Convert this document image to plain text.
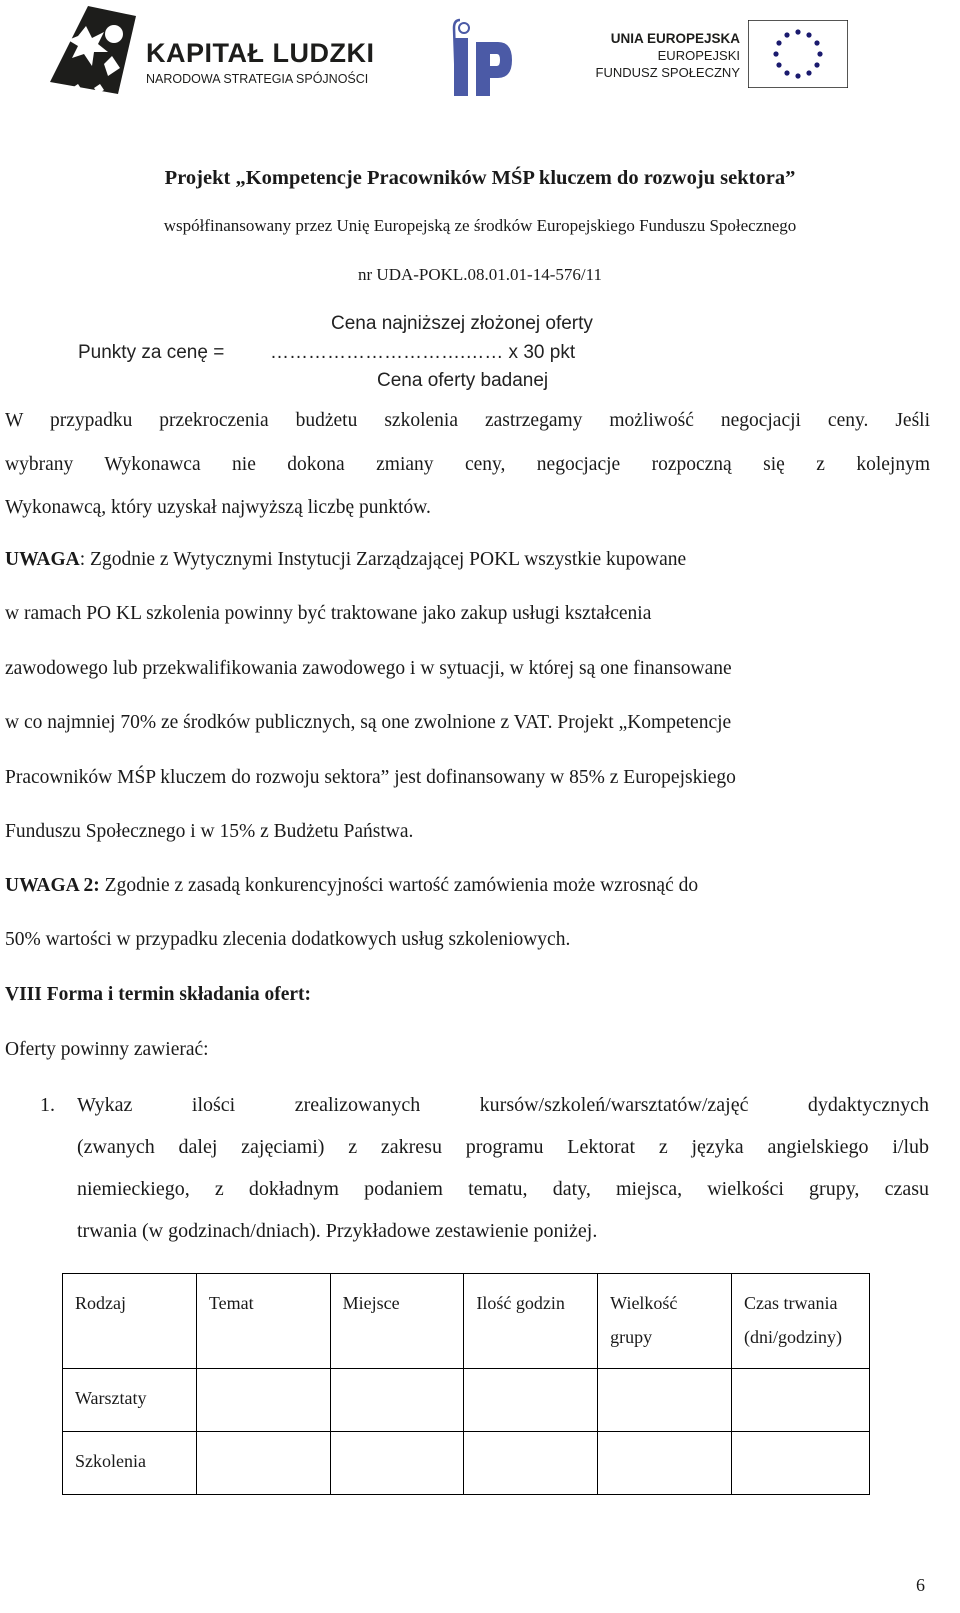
KAPITAŁ LUDZKI
NARODOWA STRATEGIA SPÓJNOŚCI
UNIA EUROPEJSKA
EUROPEJSKI
FUNDUSZ SPOŁECZNY
Projekt „Kompetencje Pracowników MŚP kluczem do rozwoju sektora”
współfinansowany przez Unię Europejską ze środków Europejskiego Funduszu Społecznego
nr UDA-POKL.08.01.01-14-576/11
Cena najniższej złożonej oferty
Punkty za cenę = ………………………….…… x 30 pkt
Cena oferty badanej
W przypadku przekroczenia budżetu szkolenia zastrzegamy możliwość negocjacji ceny. Jeśli
wybrany Wykonawca nie dokona zmiany ceny, negocjacje rozpoczną się z kolejnym
Wykonawcą, który uzyskał najwyższą liczbę punktów.
UWAGA: Zgodnie z Wytycznymi Instytucji Zarządzającej POKL wszystkie kupowane
w ramach PO KL szkolenia powinny być traktowane jako zakup usługi kształcenia
zawodowego lub przekwalifikowania zawodowego i w sytuacji, w której są one finansowane
w co najmniej 70% ze środków publicznych, są one zwolnione z VAT. Projekt „Kompetencje
Pracowników MŚP kluczem do rozwoju sektora” jest dofinansowany w 85% z Europejskiego
Funduszu Społecznego i w 15% z Budżetu Państwa.
UWAGA 2: Zgodnie z zasadą konkurencyjności wartość zamówienia może wzrosnąć do
50% wartości w przypadku zlecenia dodatkowych usług szkoleniowych.
VIII Forma i termin składania ofert:
Oferty powinny zawierać:
1. Wykaz ilości zrealizowanych kursów/szkoleń/warsztatów/zajęć dydaktycznych
(zwanych dalej zajęciami) z zakresu programu Lektorat z języka angielskiego i/lub
niemieckiego, z dokładnym podaniem tematu, daty, miejsca, wielkości grupy, czasu
trwania (w godzinach/dniach). Przykładowe zestawienie poniżej.
Rodzaj	Temat	Miejsce	Ilość godzin	Wielkość grupy	Czas trwania (dni/godziny)
Warsztaty					
Szkolenia					
6
